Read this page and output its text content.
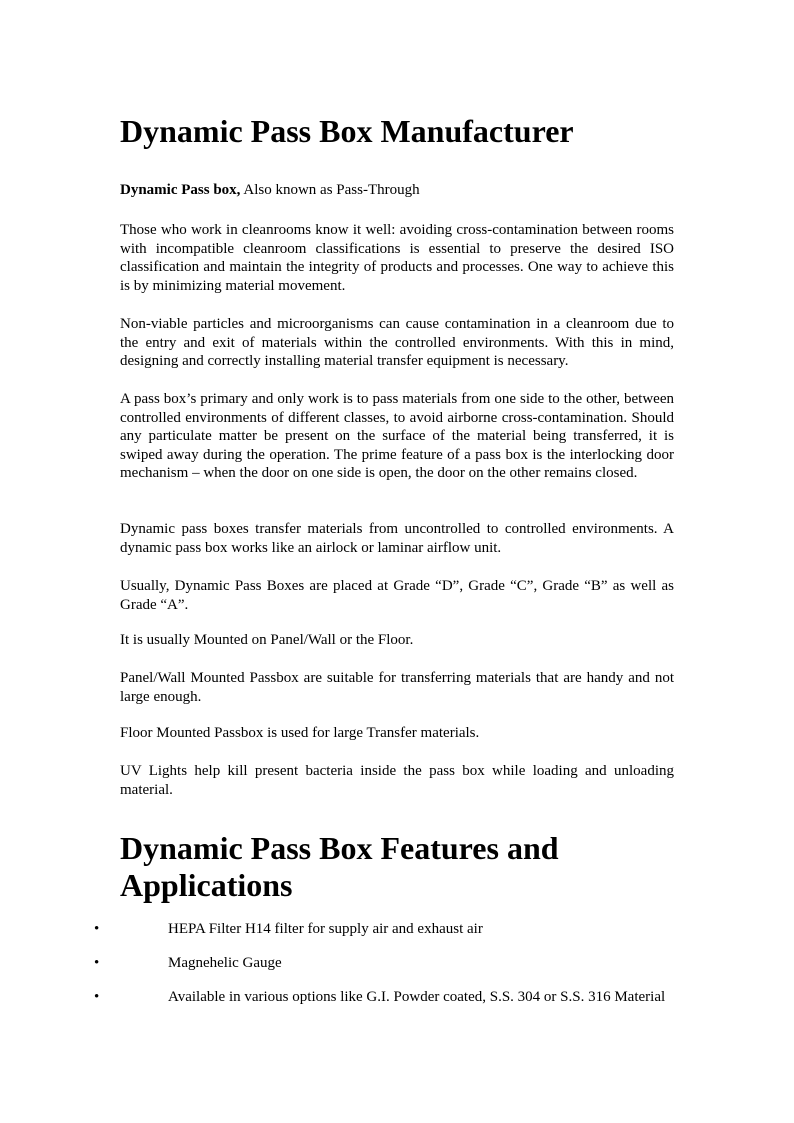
Dynamic Pass Box Manufacturer

Dynamic Pass box, Also known as Pass-Through

Those who work in cleanrooms know it well: avoiding cross-contamination between rooms with incompatible cleanroom classifications is essential to preserve the desired ISO classification and maintain the integrity of products and processes. One way to achieve this is by minimizing material movement.

Non-viable particles and microorganisms can cause contamination in a cleanroom due to the entry and exit of materials within the controlled environments. With this in mind, designing and correctly installing material transfer equipment is necessary.

A pass box’s primary and only work is to pass materials from one side to the other, between controlled environments of different classes, to avoid airborne cross-contamination. Should any particulate matter be present on the surface of the material being transferred, it is swiped away during the operation. The prime feature of a pass box is the interlocking door mechanism – when the door on one side is open, the door on the other remains closed.

Dynamic pass boxes transfer materials from uncontrolled to controlled environments. A dynamic pass box works like an airlock or laminar airflow unit.

Usually, Dynamic Pass Boxes are placed at Grade “D”, Grade “C”, Grade “B” as well as Grade “A”.

It is usually Mounted on Panel/Wall or the Floor.

Panel/Wall Mounted Passbox are suitable for transferring materials that are handy and not large enough.

Floor Mounted Passbox is used for large Transfer materials.

UV Lights help kill present bacteria inside the pass box while loading and unloading material.

Dynamic Pass Box Features and Applications
•	HEPA Filter H14 filter for supply air and exhaust air
•	Magnehelic Gauge
•	Available in various options like G.I. Powder coated, S.S. 304 or S.S. 316 Material
